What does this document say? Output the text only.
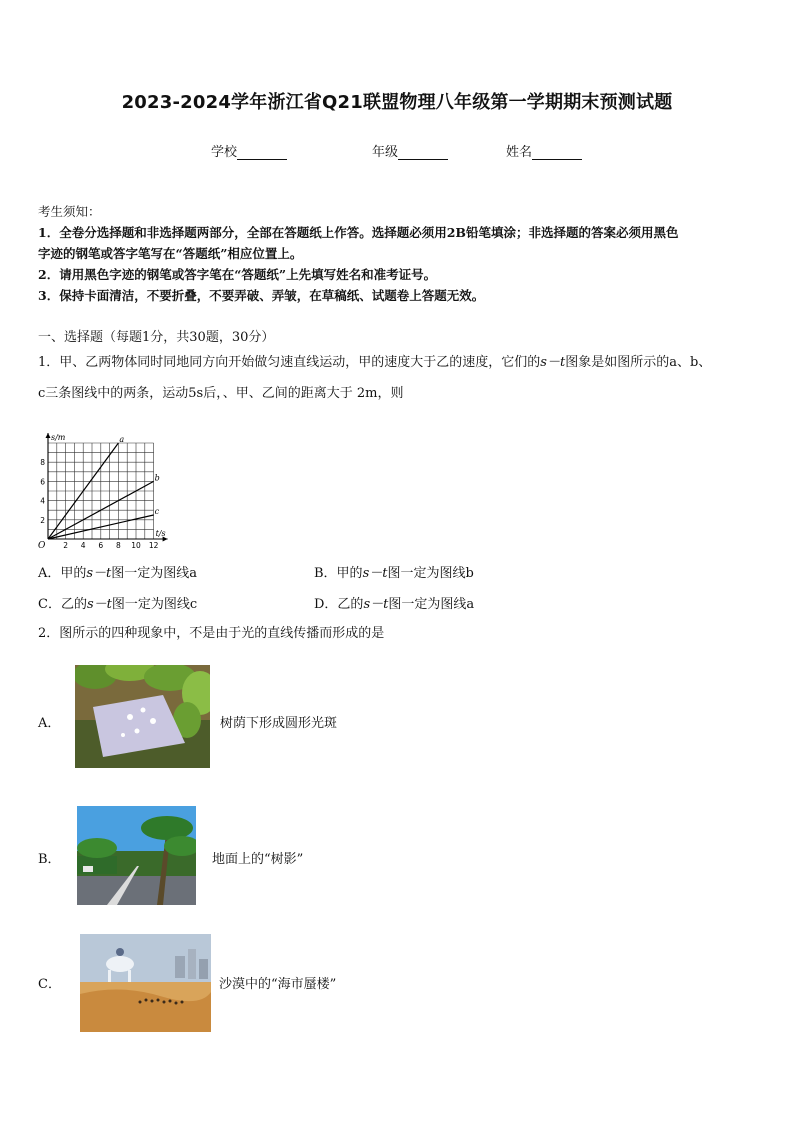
2023-2024学年浙江省Q21联盟物理八年级第一学期期末预测试题
学校	年级	姓名
考生须知：
1．全卷分选择题和非选择题两部分，全部在答题纸上作答。选择题必须用2B铅笔填涂；非选择题的答案必须用黑色
字迹的钢笔或答字笔写在“答题纸”相应位置上。
2．请用黑色字迹的钢笔或答字笔在“答题纸”上先填写姓名和准考证号。
3．保持卡面清洁，不要折叠，不要弄破、弄皱，在草稿纸、试题卷上答题无效。
一、选择题（每题1分，共30题，30分）
1．甲、乙两物体同时同地同方向开始做匀速直线运动，甲的速度大于乙的速度，它们的s－t图象是如图所示的a、b、
c三条图线中的两条，运动5s后，、甲、乙间的距离大于 2m，则
a
b
c
2 4 6 8 10 12
2
4
6
8
s/m
t/s
O
A．甲的s－t图一定为图线a	B．甲的s－t图一定为图线b
C．乙的s－t图一定为图线c	D．乙的s－t图一定为图线a
2．图所示的四种现象中，不是由于光的直线传播而形成的是
A．	树荫下形成圆形光斑
B．	地面上的“树影”
C．	沙漠中的“海市蜃楼”
